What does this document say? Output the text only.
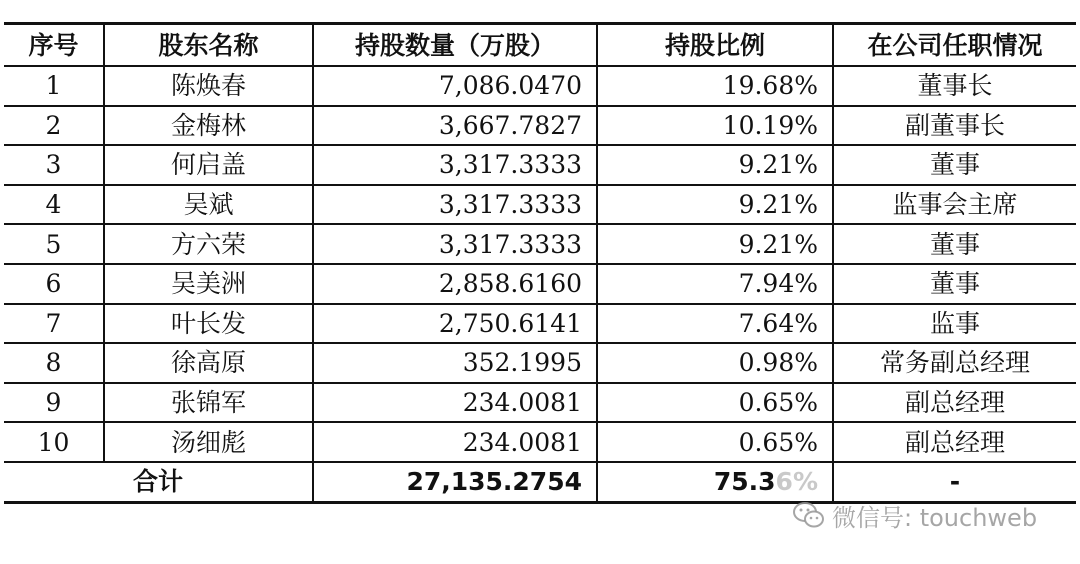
序号	股东名称	持股数量（万股）	持股比例	在公司任职情况
1	陈焕春	7,086.0470	19.68%	董事长
2	金梅林	3,667.7827	10.19%	副董事长
3	何启盖	3,317.3333	9.21%	董事
4	吴斌	3,317.3333	9.21%	监事会主席
5	方六荣	3,317.3333	9.21%	董事
6	吴美洲	2,858.6160	7.94%	董事
7	叶长发	2,750.6141	7.64%	监事
8	徐高原	352.1995	0.98%	常务副总经理
9	张锦军	234.0081	0.65%	副总经理
10	汤细彪	234.0081	0.65%	副总经理
合计		27,135.2754	75.36%	-
微信号: touchweb
